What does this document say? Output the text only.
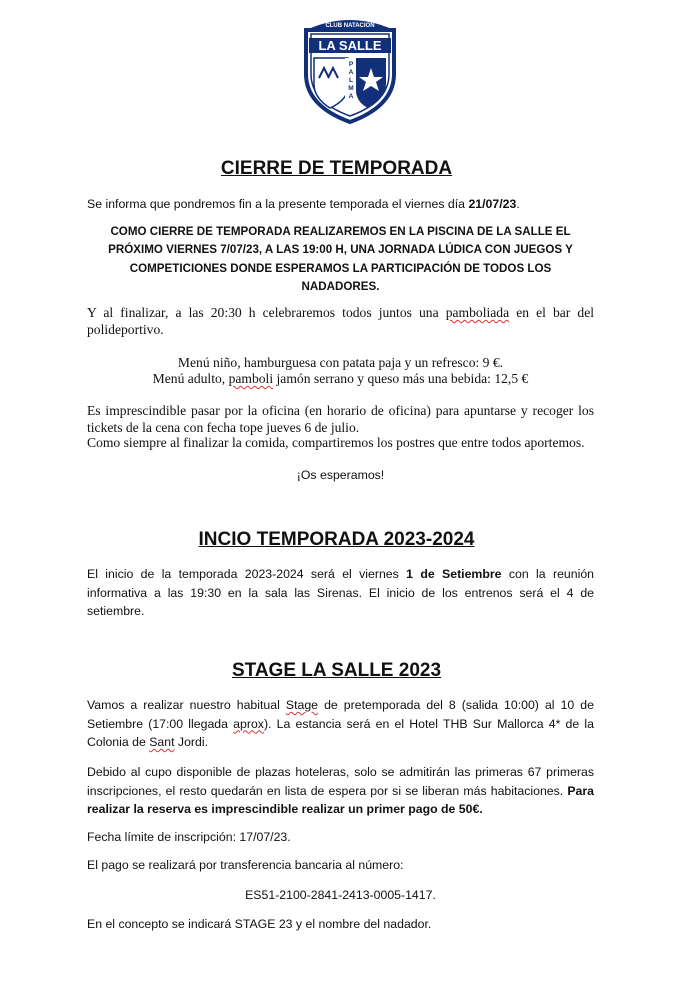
CLUB NATACION
LA SALLE
P A L M A
CIERRE DE TEMPORADA

Se informa que pondremos fin a la presente temporada el viernes día 21/07/23.

COMO CIERRE DE TEMPORADA REALIZAREMOS EN LA PISCINA DE LA SALLE EL PRÓXIMO VIERNES 7/07/23, A LAS 19:00 H, UNA JORNADA LÚDICA CON JUEGOS Y COMPETICIONES DONDE ESPERAMOS LA PARTICIPACIÓN DE TODOS LOS NADADORES.

Y al finalizar, a las 20:30 h celebraremos todos juntos una pamboliada en el bar del polideportivo.

Menú niño, hamburguesa con patata paja y un refresco: 9 €.

Menú adulto, pamboli jamón serrano y queso más una bebida: 12,5 €

Es imprescindible pasar por la oficina (en horario de oficina) para apuntarse y recoger los tickets de la cena con fecha tope jueves 6 de julio.

Como siempre al finalizar la comida, compartiremos los postres que entre todos aportemos.

¡Os esperamos!

INCIO TEMPORADA 2023-2024

El inicio de la temporada 2023-2024 será el viernes 1 de Setiembre con la reunión informativa a las 19:30 en la sala las Sirenas. El inicio de los entrenos será el 4 de setiembre.

STAGE LA SALLE 2023

Vamos a realizar nuestro habitual Stage de pretemporada del 8 (salida 10:00) al 10 de Setiembre (17:00 llegada aprox). La estancia será en el Hotel THB Sur Mallorca 4* de la Colonia de Sant Jordi.

Debido al cupo disponible de plazas hoteleras, solo se admitirán las primeras 67 primeras inscripciones, el resto quedarán en lista de espera por si se liberan más habitaciones. Para realizar la reserva es imprescindible realizar un primer pago de 50€.

Fecha límite de inscripción: 17/07/23.

El pago se realizará por transferencia bancaria al número:

ES51-2100-2841-2413-0005-1417.

En el concepto se indicará STAGE 23 y el nombre del nadador.
